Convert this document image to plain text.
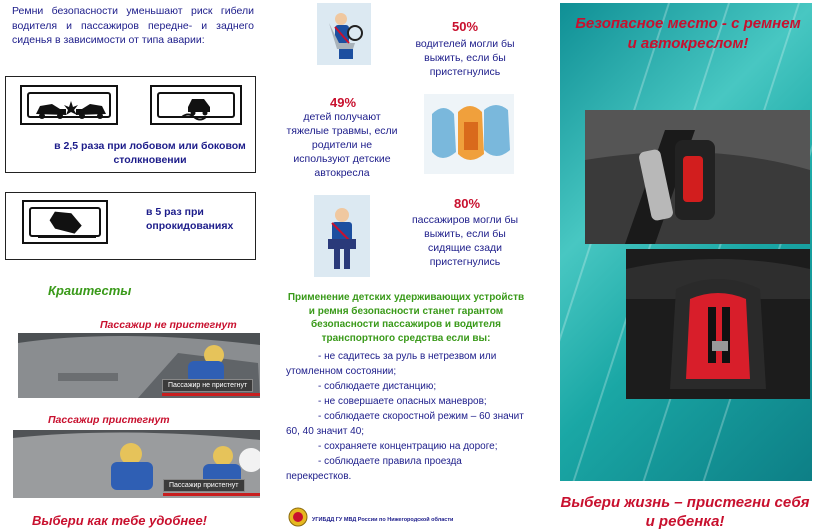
Ремни безопасности уменьшают риск гибели водителя и пассажиров передне- и заднего сиденья в зависимости от типа аварии:
в 2,5 раза при лобовом или боковом столкновении
в 5 раз при опрокидованиях
Краштесты
Пассажир не пристегнут
Пассажир не пристегнут
Пассажир пристегнут
Пассажир пристегнут
Выбери как тебе удобнее!
50%
водителей могли бы выжить, если бы пристегнулись
49%
детей получают тяжелые травмы, если родители не используют детские автокресла
80%
пассажиров могли бы выжить, если бы сидящие сзади пристегнулись
Применение детских удерживающих устройств и ремня безопасности станет гарантом безопасности пассажиров и водителя транспортного средства если вы:
- не садитесь за руль в нетрезвом или утомленном состоянии;
- соблюдаете дистанцию;
- не совершаете опасных маневров;
- соблюдаете скоростной режим – 60 значит 60, 40 значит 40;
- сохраняете концентрацию на дороге;
- соблюдаете правила проезда перекрестков.
УГИБДД ГУ МВД России по Нижегородской области
Безопасное место - с ремнем и автокреслом!
Выбери жизнь – пристегни себя и ребенка!
